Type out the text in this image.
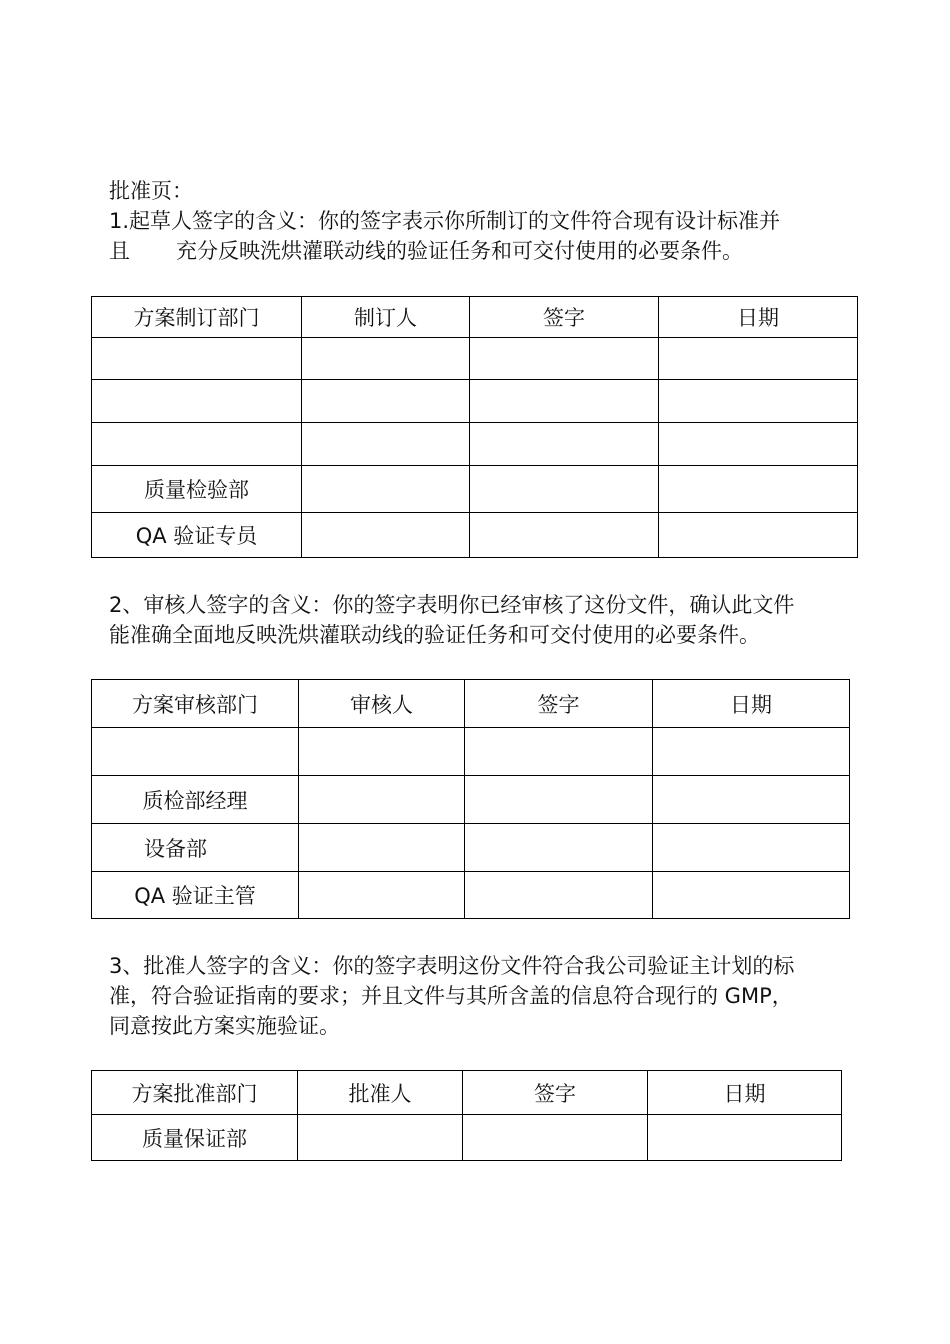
批准页：

1.起草人签字的含义：你的签字表示你所制订的文件符合现有设计标准并
且 充分反映洗烘灌联动线的验证任务和可交付使用的必要条件。

方案制订部门	制订人	签字	日期

质量检验部			
QA 验证专员			

2、审核人签字的含义：你的签字表明你已经审核了这份文件，确认此文件
能准确全面地反映洗烘灌联动线的验证任务和可交付使用的必要条件。

方案审核部门	审核人	签字	日期

质检部经理			
设备部			
QA 验证主管			

3、批准人签字的含义：你的签字表明这份文件符合我公司验证主计划的标
准，符合验证指南的要求；并且文件与其所含盖的信息符合现行的 GMP，
同意按此方案实施验证。

方案批准部门	批准人	签字	日期
质量保证部			
